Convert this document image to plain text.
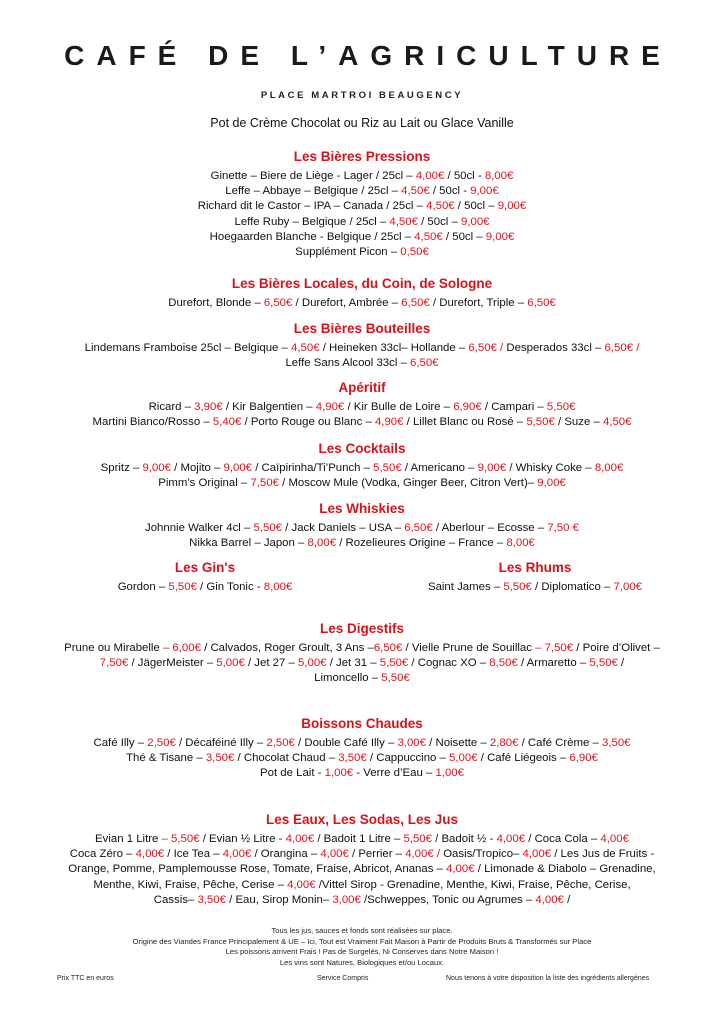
CAFÉ DE L’AGRICULTURE
PLACE MARTROI BEAUGENCY
Pot de Crème Chocolat ou Riz au Lait ou Glace Vanille
Les Bières Pressions
Ginette – Biere de Liège - Lager / 25cl – 4,00€ / 50cl - 8,00€
Leffe – Abbaye – Belgique / 25cl – 4,50€ / 50cl - 9,00€
Richard dit le Castor – IPA – Canada / 25cl – 4,50€ / 50cl – 9,00€
Leffe Ruby – Belgique / 25cl – 4,50€ / 50cl – 9,00€
Hoegaarden Blanche - Belgique / 25cl – 4,50€ / 50cl – 9,00€
Supplément Picon – 0,50€
Les Bières Locales, du Coin, de Sologne
Durefort, Blonde – 6,50€ / Durefort, Ambrée – 6,50€ / Durefort, Triple – 6,50€
Les Bières Bouteilles
Lindemans Framboise 25cl – Belgique – 4,50€ / Heineken 33cl– Hollande – 6,50€ / Desperados 33cl – 6,50€ /
Leffe Sans Alcool 33cl – 6,50€
Apéritif
Ricard – 3,90€ / Kir Balgentien – 4,90€ / Kir Bulle de Loire – 6,90€ / Campari – 5,50€
Martini Bianco/Rosso – 5,40€ / Porto Rouge ou Blanc – 4,90€ / Lillet Blanc ou Rosé – 5,50€ / Suze – 4,50€
Les Cocktails
Spritz – 9,00€ / Mojito – 9,00€ / Caïpirinha/Ti’Punch – 5,50€ / Americano – 9,00€ / Whisky Coke – 8,00€
Pimm’s Original – 7,50€ / Moscow Mule (Vodka, Ginger Beer, Citron Vert)– 9,00€
Les Whiskies
Johnnie Walker 4cl – 5,50€ / Jack Daniels – USA – 6,50€ / Aberlour – Ecosse – 7,50 €
Nikka Barrel – Japon – 8,00€ / Rozelieures Origine – France – 8,00€
Les Gin's
Gordon – 5,50€ / Gin Tonic - 8,00€
Les Rhums
Saint James – 5,50€ / Diplomatico – 7,00€
Les Digestifs
Prune ou Mirabelle – 6,00€ / Calvados, Roger Groult, 3 Ans –6,50€ / Vielle Prune de Souillac – 7,50€ / Poire d’Olivet –
7,50€ / JägerMeister – 5,00€ / Jet 27 – 5,00€ / Jet 31 – 5,50€ / Cognac XO – 8,50€ / Armaretto – 5,50€ /
Limoncello – 5,50€
Boissons Chaudes
Café Illy – 2,50€ / Décaféiné Illy – 2,50€ / Double Café Illy – 3,00€ / Noisette – 2,80€ / Café Crème – 3,50€
Thé & Tisane – 3,50€ / Chocolat Chaud – 3,50€ / Cappuccino – 5,00€ / Café Liégeois – 6,90€
Pot de Lait - 1,00€ - Verre d’Eau – 1,00€
Les Eaux, Les Sodas, Les Jus
Evian 1 Litre – 5,50€ / Evian ½ Litre - 4,00€ / Badoit 1 Litre – 5,50€ / Badoit ½ - 4,00€ / Coca Cola – 4,00€
Coca Zéro – 4,00€ / Ice Tea – 4,00€ / Orangina – 4,00€ / Perrier – 4,00€ / Oasis/Tropico– 4,00€ / Les Jus de Fruits -
Orange, Pomme, Pamplemousse Rose, Tomate, Fraise, Abricot, Ananas – 4,00€ / Limonade & Diabolo – Grenadine,
Menthe, Kiwi, Fraise, Pêche, Cerise – 4,00€ /Vittel Sirop - Grenadine, Menthe, Kiwi, Fraise, Pêche, Cerise,
Cassis– 3,50€ / Eau, Sirop Monin– 3,00€ /Schweppes, Tonic ou Agrumes – 4,00€ /
Tous les jus, sauces et fonds sont réalisées sur place.
Origine des Viandes France Principalement & UE – Ici, Tout est Vraiment Fait Maison à Partir de Produits Bruts & Transformés sur Place
Les poissons arrivent Frais ! Pas de Surgelés, Ni Conserves dans Notre Maison !
Les vins sont Natures, Biologiques et/ou Locaux.
Prix TTC en euros	Service Compris	Nous tenons à votre disposition la liste des ingrédients allergènes
